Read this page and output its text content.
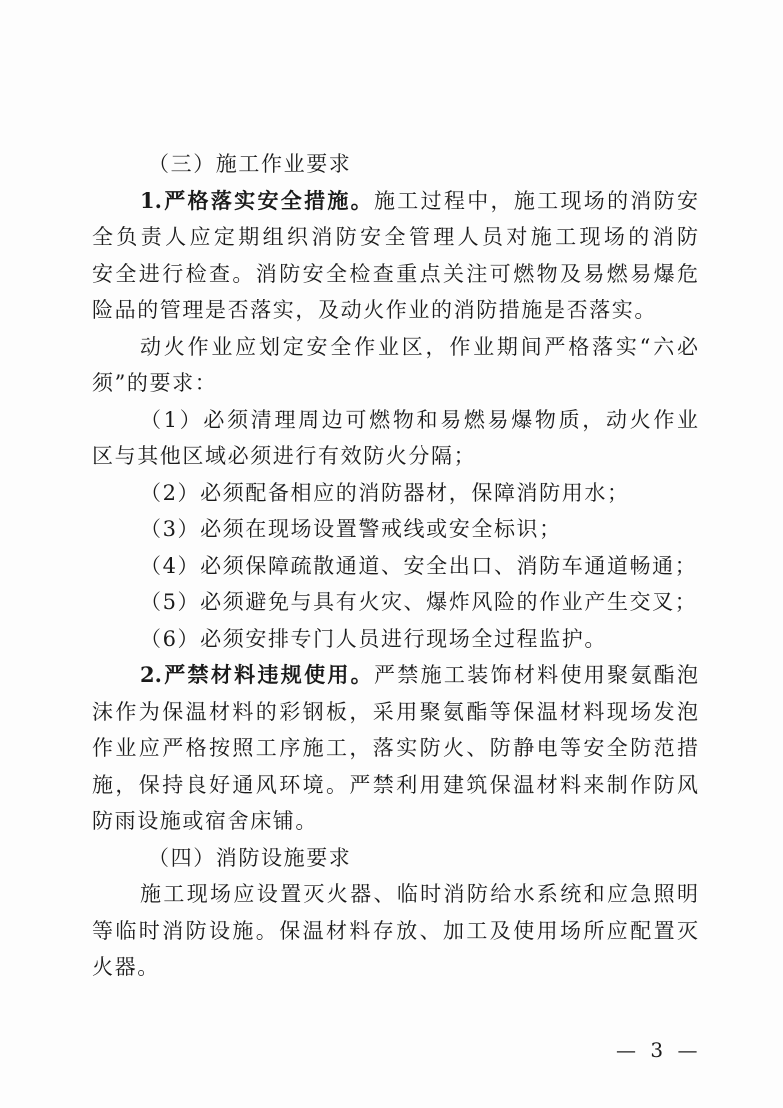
（三）施工作业要求
1.严格落实安全措施。施工过程中，施工现场的消防安
全负责人应定期组织消防安全管理人员对施工现场的消防
安全进行检查。消防安全检查重点关注可燃物及易燃易爆危
险品的管理是否落实，及动火作业的消防措施是否落实。
动火作业应划定安全作业区，作业期间严格落实“六必
须”的要求：
（1）必须清理周边可燃物和易燃易爆物质，动火作业
区与其他区域必须进行有效防火分隔；
（2）必须配备相应的消防器材，保障消防用水；
（3）必须在现场设置警戒线或安全标识；
（4）必须保障疏散通道、安全出口、消防车通道畅通；
（5）必须避免与具有火灾、爆炸风险的作业产生交叉；
（6）必须安排专门人员进行现场全过程监护。
2.严禁材料违规使用。严禁施工装饰材料使用聚氨酯泡
沫作为保温材料的彩钢板，采用聚氨酯等保温材料现场发泡
作业应严格按照工序施工，落实防火、防静电等安全防范措
施，保持良好通风环境。严禁利用建筑保温材料来制作防风
防雨设施或宿舍床铺。
（四）消防设施要求
施工现场应设置灭火器、临时消防给水系统和应急照明
等临时消防设施。保温材料存放、加工及使用场所应配置灭
火器。
— 3 —
